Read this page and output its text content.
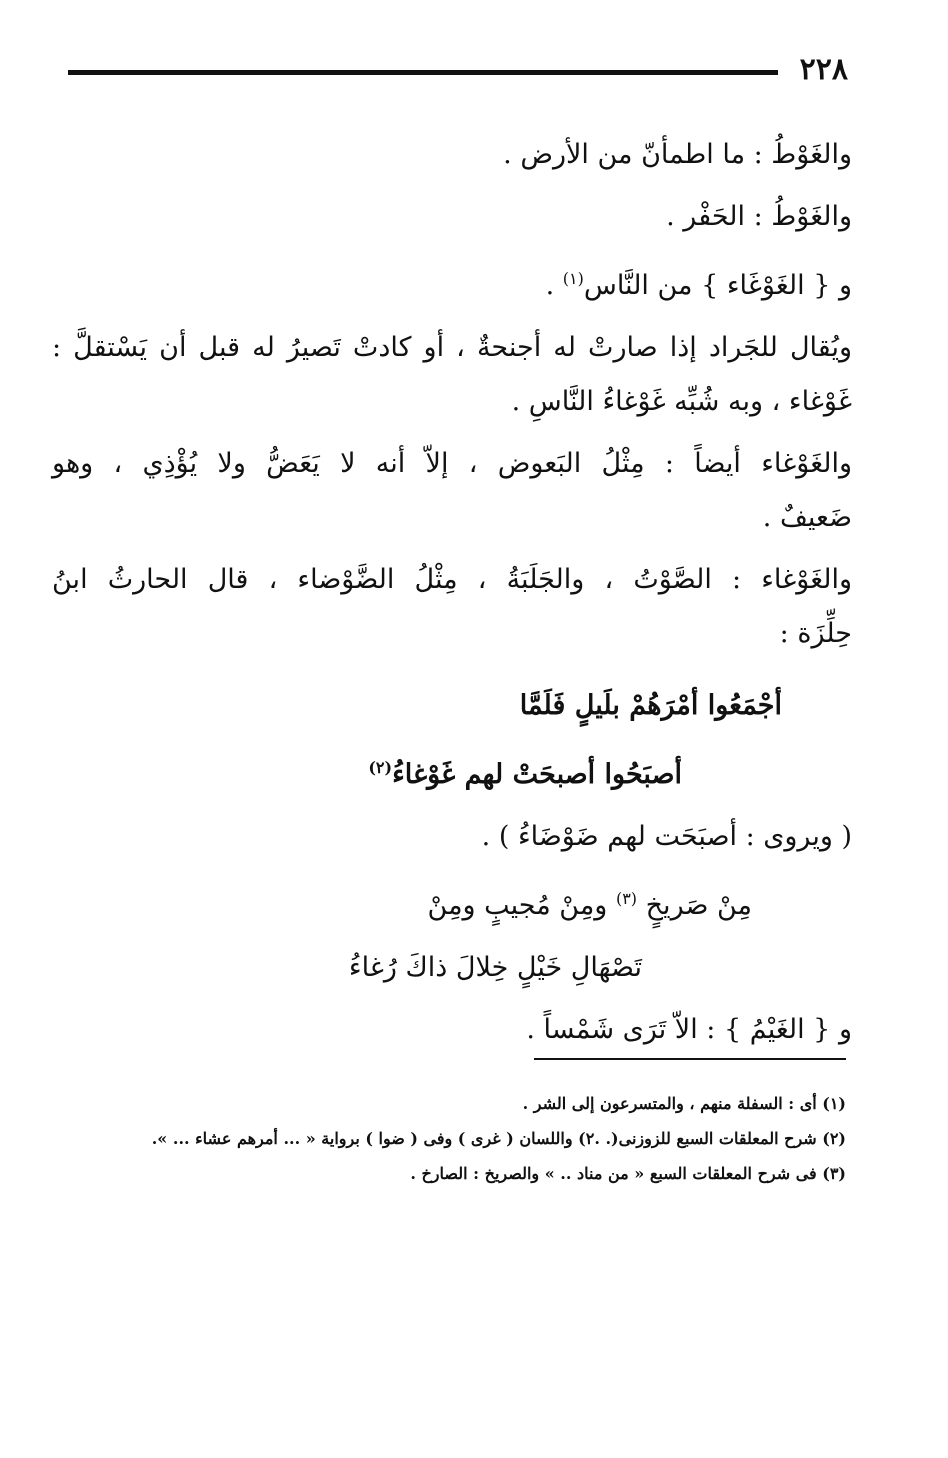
٢٢٨

والغَوْطُ : ما اطمأنّ من الأرض .

والغَوْطُ : الحَفْر .

و { الغَوْغَاء } من النَّاس$^{(١)}$ .

ويُقال للجَراد إذا صارتْ له أجنحةٌ ، أو كادتْ تَصيرُ له قبل أن يَسْتقلَّ :

غَوْغاء ، وبه شُبِّه غَوْغاءُ النَّاسِ .

والغَوْغاء أيضاً : مِثْلُ البَعوض ، إلاّ أنه لا يَعَضُّ ولا يُؤْذِي ، وهو

ضَعيفٌ .

والغَوْغاء : الصَّوْتُ ، والجَلَبَةُ ، مِثْلُ الضَّوْضاء ، قال الحارثُ ابنُ

حِلِّزَة :

أجْمَعُوا أمْرَهُمْ بلَيلٍ فَلَمَّا

أصبَحُوا أصبحَتْ لهم غَوْغاءُ$^{(٢)}$

( ويروى : أصبَحَت لهم ضَوْضَاءُ ) .

مِنْ صَريخٍ $^{(٣)}$ ومِنْ مُجيبٍ ومِنْ

تَصْهَالِ خَيْلٍ خِلالَ ذاكَ رُغاءُ

و { الغَيْمُ } : الاّ تَرَى شَمْساً .

(١) أى : السفلة منهم ، والمتسرعون إلى الشر .

(٢) شرح المعلقات السبع للزوزنى(. .٢) واللسان ( غرى ) وفى ( ضوا ) برواية « ... أمرهم عشاء ... ».

(٣) فى شرح المعلقات السبع « من مناد .. » والصريخ : الصارخ .
